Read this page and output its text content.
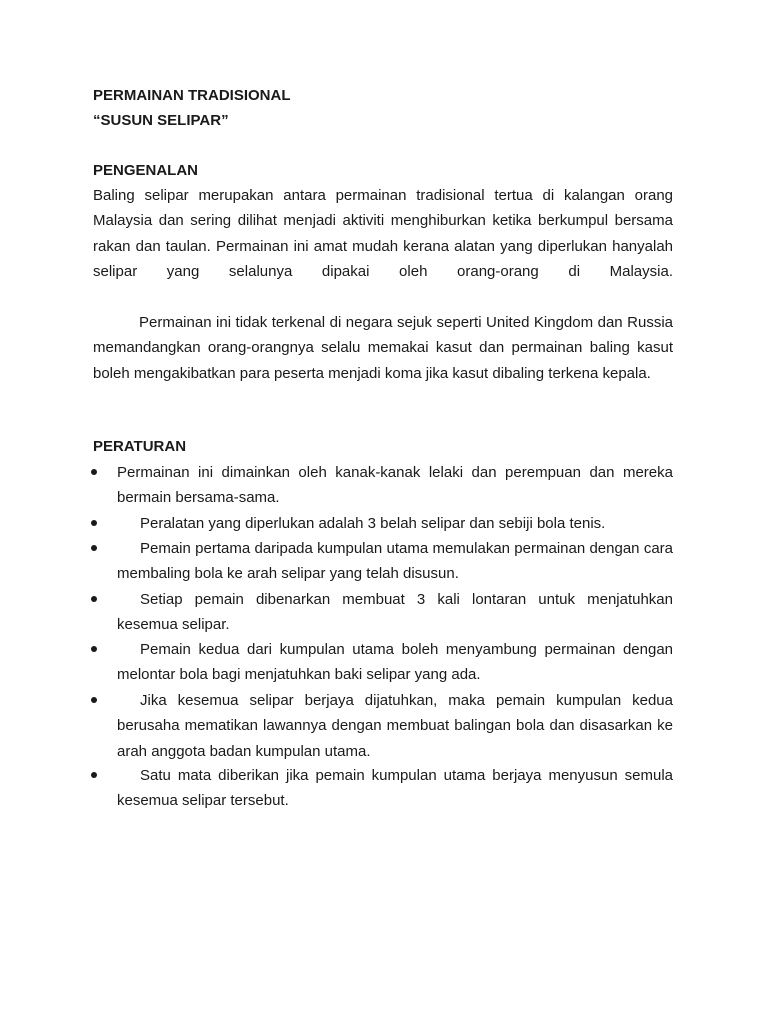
PERMAINAN TRADISIONAL
“SUSUN SELIPAR”
PENGENALAN

Baling selipar merupakan antara permainan tradisional tertua di kalangan orang Malaysia dan sering dilihat menjadi aktiviti menghiburkan ketika berkumpul bersama rakan dan taulan. Permainan ini amat mudah kerana alatan yang diperlukan hanyalah selipar yang selalunya dipakai oleh orang-orang di Malaysia.

Permainan ini tidak terkenal di negara sejuk seperti United Kingdom dan Russia memandangkan orang-orangnya selalu memakai kasut dan permainan baling kasut boleh mengakibatkan para peserta menjadi koma jika kasut dibaling terkena kepala.

PERATURAN

Permainan ini dimainkan oleh kanak-kanak lelaki dan perempuan dan mereka bermain bersama-sama.

Peralatan yang diperlukan adalah 3 belah selipar dan sebiji bola tenis.

Pemain pertama daripada kumpulan utama memulakan permainan dengan cara membaling bola ke arah selipar yang telah disusun.

Setiap pemain dibenarkan membuat 3 kali lontaran untuk menjatuhkan kesemua selipar.

Pemain kedua dari kumpulan utama boleh menyambung permainan dengan melontar bola bagi menjatuhkan baki selipar yang ada.

Jika kesemua selipar berjaya dijatuhkan, maka pemain kumpulan kedua berusaha mematikan lawannya dengan membuat balingan bola dan disasarkan ke arah anggota badan kumpulan utama.

Satu mata diberikan jika pemain kumpulan utama berjaya menyusun semula kesemua selipar tersebut.
